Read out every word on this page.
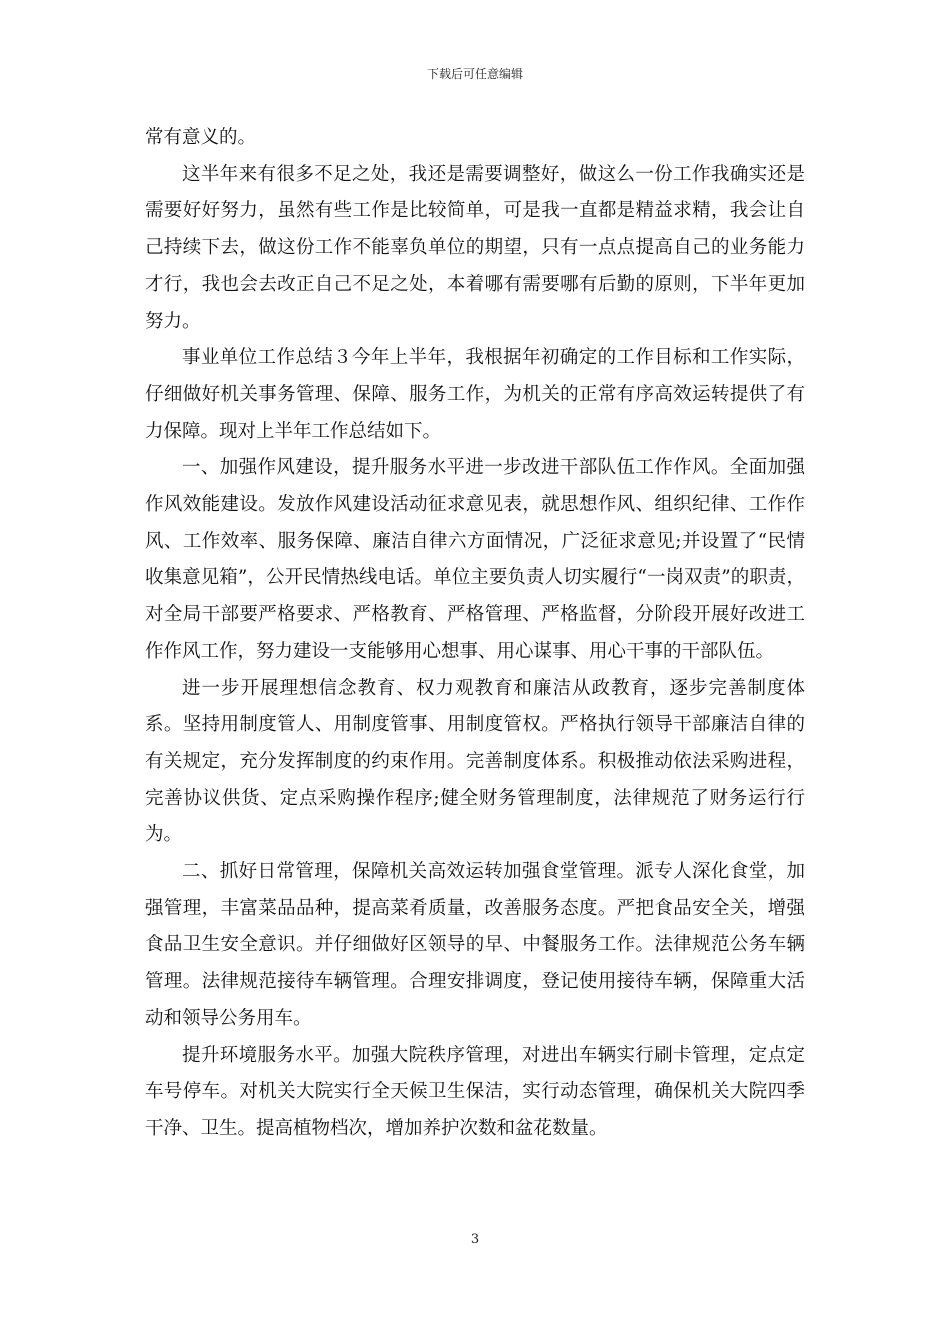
下载后可任意编辑

常有意义的。

这半年来有很多不足之处，我还是需要调整好，做这么一份工作我确实还是需要好好努力，虽然有些工作是比较简单，可是我一直都是精益求精，我会让自己持续下去，做这份工作不能辜负单位的期望，只有一点点提高自己的业务能力才行，我也会去改正自己不足之处，本着哪有需要哪有后勤的原则，下半年更加努力。

事业单位工作总结３今年上半年，我根据年初确定的工作目标和工作实际，仔细做好机关事务管理、保障、服务工作，为机关的正常有序高效运转提供了有力保障。现对上半年工作总结如下。

一、加强作风建设，提升服务水平进一步改进干部队伍工作作风。全面加强作风效能建设。发放作风建设活动征求意见表，就思想作风、组织纪律、工作作风、工作效率、服务保障、廉洁自律六方面情况，广泛征求意见;并设置了“民情收集意见箱”，公开民情热线电话。单位主要负责人切实履行“一岗双责”的职责，对全局干部要严格要求、严格教育、严格管理、严格监督，分阶段开展好改进工作作风工作，努力建设一支能够用心想事、用心谋事、用心干事的干部队伍。

进一步开展理想信念教育、权力观教育和廉洁从政教育，逐步完善制度体系。坚持用制度管人、用制度管事、用制度管权。严格执行领导干部廉洁自律的有关规定，充分发挥制度的约束作用。完善制度体系。积极推动依法采购进程，完善协议供货、定点采购操作程序;健全财务管理制度，法律规范了财务运行行为。

二、抓好日常管理，保障机关高效运转加强食堂管理。派专人深化食堂，加强管理，丰富菜品品种，提高菜肴质量，改善服务态度。严把食品安全关，增强食品卫生安全意识。并仔细做好区领导的早、中餐服务工作。法律规范公务车辆管理。法律规范接待车辆管理。合理安排调度，登记使用接待车辆，保障重大活动和领导公务用车。

提升环境服务水平。加强大院秩序管理，对进出车辆实行刷卡管理，定点定车号停车。对机关大院实行全天候卫生保洁，实行动态管理，确保机关大院四季干净、卫生。提高植物档次，增加养护次数和盆花数量。

3
